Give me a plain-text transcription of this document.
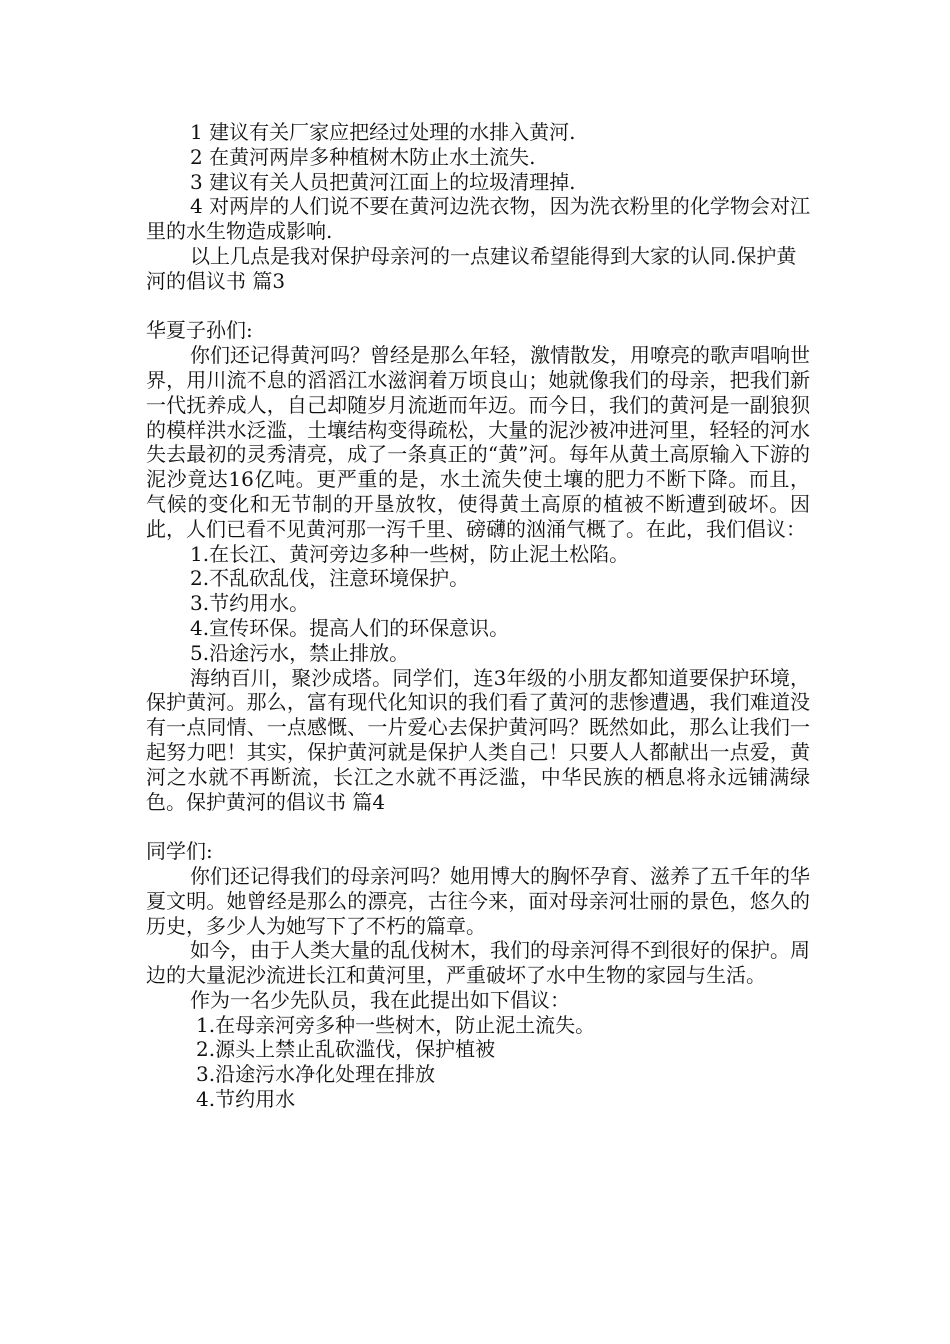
1 建议有关厂家应把经过处理的水排入黄河.

2 在黄河两岸多种植树木防止水土流失.

3 建议有关人员把黄河江面上的垃圾清理掉.

4 对两岸的人们说不要在黄河边洗衣物，因为洗衣粉里的化学物会对江里的水生物造成影响.

以上几点是我对保护母亲河的一点建议希望能得到大家的认同.保护黄河的倡议书 篇3

华夏子孙们:

你们还记得黄河吗？曾经是那么年轻，激情散发，用嘹亮的歌声唱响世界，用川流不息的滔滔江水滋润着万顷良山；她就像我们的母亲，把我们新一代抚养成人，自己却随岁月流逝而年迈。而今日，我们的黄河是一副狼狈的模样洪水泛滥，土壤结构变得疏松，大量的泥沙被冲进河里，轻轻的河水失去最初的灵秀清亮，成了一条真正的“黄”河。每年从黄土高原输入下游的泥沙竟达16亿吨。更严重的是，水土流失使土壤的肥力不断下降。而且，气候的变化和无节制的开垦放牧，使得黄土高原的植被不断遭到破坏。因此，人们已看不见黄河那一泻千里、磅礴的汹涌气概了。在此，我们倡议：

1.在长江、黄河旁边多种一些树，防止泥土松陷。

2.不乱砍乱伐，注意环境保护。

3.节约用水。

4.宣传环保。提高人们的环保意识。

5.沿途污水，禁止排放。

海纳百川，聚沙成塔。同学们，连3年级的小朋友都知道要保护环境，保护黄河。那么，富有现代化知识的我们看了黄河的悲惨遭遇，我们难道没有一点同情、一点感慨、一片爱心去保护黄河吗？既然如此，那么让我们一起努力吧！其实，保护黄河就是保护人类自己！只要人人都献出一点爱，黄河之水就不再断流，长江之水就不再泛滥，中华民族的栖息将永远铺满绿色。保护黄河的倡议书 篇4

同学们:

你们还记得我们的母亲河吗？她用博大的胸怀孕育、滋养了五千年的华夏文明。她曾经是那么的漂亮，古往今来，面对母亲河壮丽的景色，悠久的历史，多少人为她写下了不朽的篇章。

如今，由于人类大量的乱伐树木，我们的母亲河得不到很好的保护。周边的大量泥沙流进长江和黄河里，严重破坏了水中生物的家园与生活。

作为一名少先队员，我在此提出如下倡议：

1.在母亲河旁多种一些树木，防止泥土流失。

2.源头上禁止乱砍滥伐，保护植被

3.沿途污水净化处理在排放

4.节约用水
